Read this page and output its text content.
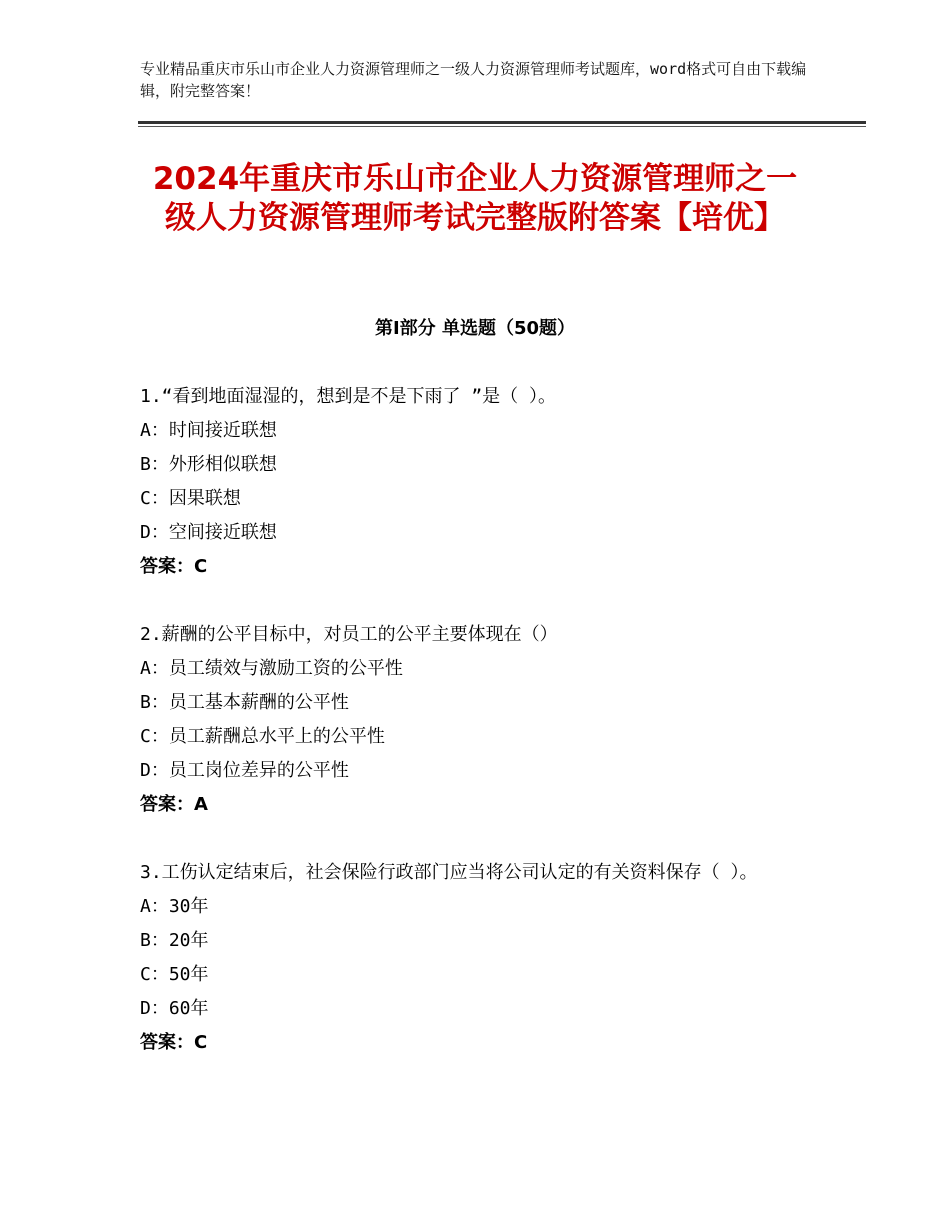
专业精品重庆市乐山市企业人力资源管理师之一级人力资源管理师考试题库，word格式可自由下载编辑，附完整答案！
2024年重庆市乐山市企业人力资源管理师之一级人力资源管理师考试完整版附答案【培优】
第Ⅰ部分 单选题（50题）

1.“看到地面湿湿的，想到是不是下雨了 ”是（ ）。

A：时间接近联想

B：外形相似联想

C：因果联想

D：空间接近联想

答案：C

2.薪酬的公平目标中，对员工的公平主要体现在（）

A：员工绩效与激励工资的公平性

B：员工基本薪酬的公平性

C：员工薪酬总水平上的公平性

D：员工岗位差异的公平性

答案：A

3.工伤认定结束后，社会保险行政部门应当将公司认定的有关资料保存（ ）。

A：30年

B：20年

C：50年

D：60年

答案：C
